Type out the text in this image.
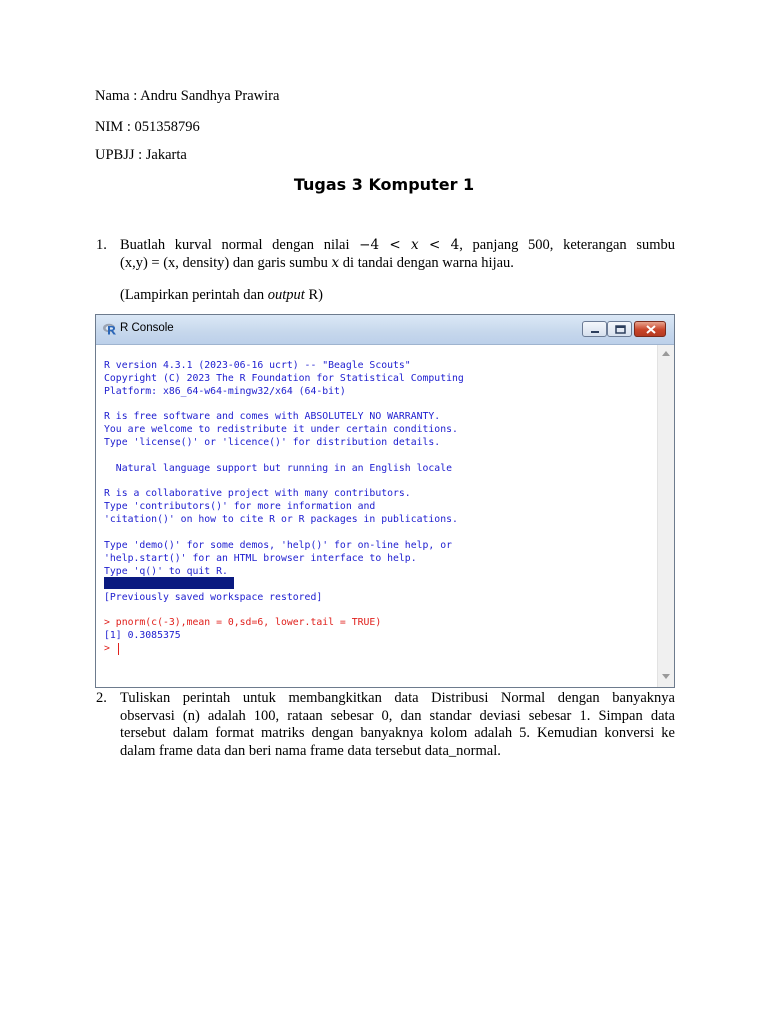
Nama : Andru Sandhya Prawira
NIM : 051358796
UPBJJ : Jakarta
Tugas 3 Komputer 1
1. Buatlah kurval normal dengan nilai −4 < x < 4, panjang 500, keterangan sumbu
(x,y) = (x, density) dan garis sumbu x di tandai dengan warna hijau.
(Lampirkan perintah dan output R)
R Console
R version 4.3.1 (2023-06-16 ucrt) -- "Beagle Scouts"
Copyright (C) 2023 The R Foundation for Statistical Computing
Platform: x86_64-w64-mingw32/x64 (64-bit)
R is free software and comes with ABSOLUTELY NO WARRANTY.
You are welcome to redistribute it under certain conditions.
Type 'license()' or 'licence()' for distribution details.
Natural language support but running in an English locale
R is a collaborative project with many contributors.
Type 'contributors()' for more information and
'citation()' on how to cite R or R packages in publications.
Type 'demo()' for some demos, 'help()' for on-line help, or
'help.start()' for an HTML browser interface to help.
Type 'q()' to quit R.
[Previously saved workspace restored]
> pnorm(c(-3),mean = 0,sd=6, lower.tail = TRUE)
[1] 0.3085375
>
2. Tuliskan perintah untuk membangkitkan data Distribusi Normal dengan banyaknya
observasi (n) adalah 100, rataan sebesar 0, dan standar deviasi sebesar 1. Simpan data
tersebut dalam format matriks dengan banyaknya kolom adalah 5. Kemudian konversi ke
dalam frame data dan beri nama frame data tersebut data_normal.
